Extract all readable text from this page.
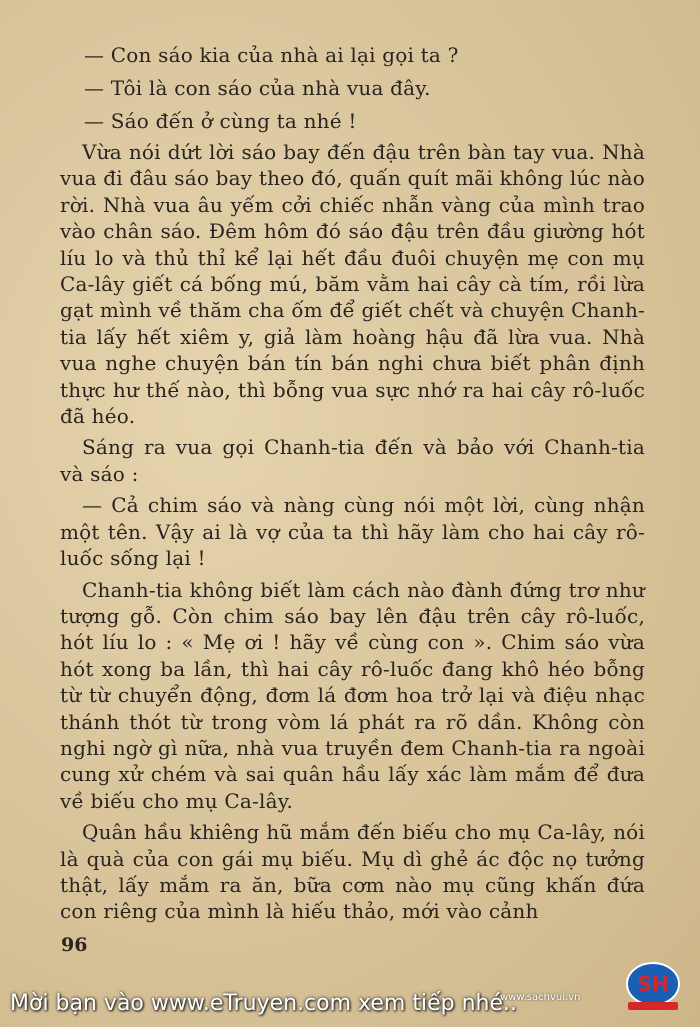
— Con sáo kia của nhà ai lại gọi ta ?

— Tôi là con sáo của nhà vua đây.

— Sáo đến ở cùng ta nhé !

Vừa nói dứt lời sáo bay đến đậu trên bàn tay vua. Nhà vua đi đâu sáo bay theo đó, quấn quít mãi không lúc nào rời. Nhà vua âu yếm cởi chiếc nhẫn vàng của mình trao vào chân sáo. Đêm hôm đó sáo đậu trên đầu giường hót líu lo và thủ thỉ kể lại hết đầu đuôi chuyện mẹ con mụ Ca-lây giết cá bống mú, băm vằm hai cây cà tím, rồi lừa gạt mình về thăm cha ốm để giết chết và chuyện Chanh-tia lấy hết xiêm y, giả làm hoàng hậu đã lừa vua. Nhà vua nghe chuyện bán tín bán nghi chưa biết phân định thực hư thế nào, thì bỗng vua sực nhớ ra hai cây rô-luốc đã héo.

Sáng ra vua gọi Chanh-tia đến và bảo với Chanh-tia và sáo :

— Cả chim sáo và nàng cùng nói một lời, cùng nhận một tên. Vậy ai là vợ của ta thì hãy làm cho hai cây rô-luốc sống lại !

Chanh-tia không biết làm cách nào đành đứng trơ như tượng gỗ. Còn chim sáo bay lên đậu trên cây rô-luốc, hót líu lo : « Mẹ ơi ! hãy về cùng con ». Chim sáo vừa hót xong ba lần, thì hai cây rô-luốc đang khô héo bỗng từ từ chuyển động, đơm lá đơm hoa trở lại và điệu nhạc thánh thót từ trong vòm lá phát ra rõ dần. Không còn nghi ngờ gì nữa, nhà vua truyền đem Chanh-tia ra ngoài cung xử chém và sai quân hầu lấy xác làm mắm để đưa về biếu cho mụ Ca-lây.

Quân hầu khiêng hũ mắm đến biếu cho mụ Ca-lây, nói là quà của con gái mụ biếu. Mụ dì ghẻ ác độc nọ tưởng thật, lấy mắm ra ăn, bữa cơm nào mụ cũng khấn đứa con riêng của mình là hiếu thảo, mới vào cảnh

96
Mời bạn vào www.eTruyen.com xem tiếp nhé..
www.sachvui.vn
SH
